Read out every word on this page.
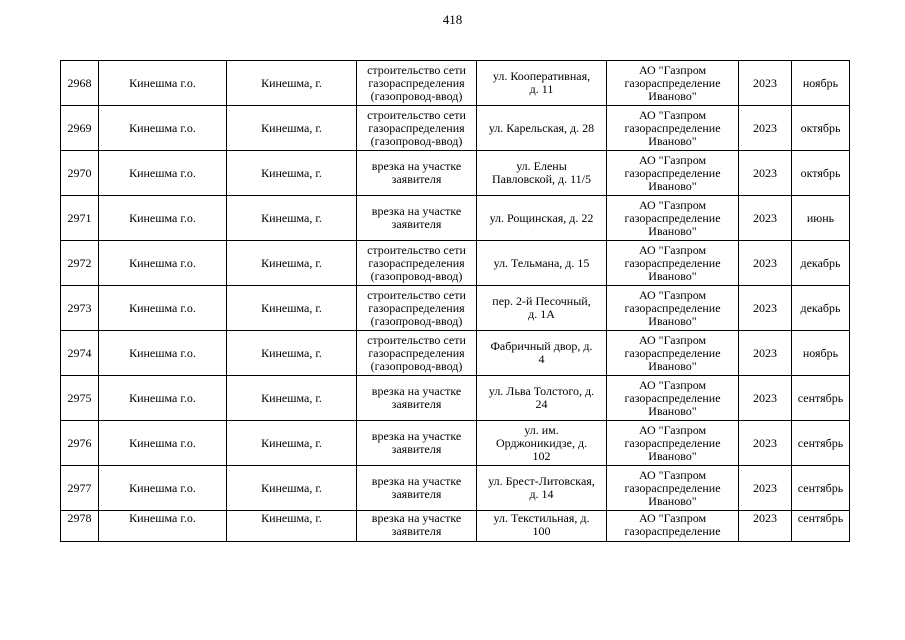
418
2968	Кинешма г.о.	Кинешма, г.	строительство сети
газораспределения
(газопровод-ввод)	ул. Кооперативная,
д. 11	АО "Газпром
газораспределение
Иваново"	2023	ноябрь
2969	Кинешма г.о.	Кинешма, г.	строительство сети
газораспределения
(газопровод-ввод)	ул. Карельская, д. 28	АО "Газпром
газораспределение
Иваново"	2023	октябрь
2970	Кинешма г.о.	Кинешма, г.	врезка на участке
заявителя	ул. Елены
Павловской, д. 11/5	АО "Газпром
газораспределение
Иваново"	2023	октябрь
2971	Кинешма г.о.	Кинешма, г.	врезка на участке
заявителя	ул. Рощинская, д. 22	АО "Газпром
газораспределение
Иваново"	2023	июнь
2972	Кинешма г.о.	Кинешма, г.	строительство сети
газораспределения
(газопровод-ввод)	ул. Тельмана, д. 15	АО "Газпром
газораспределение
Иваново"	2023	декабрь
2973	Кинешма г.о.	Кинешма, г.	строительство сети
газораспределения
(газопровод-ввод)	пер. 2-й Песочный,
д. 1А	АО "Газпром
газораспределение
Иваново"	2023	декабрь
2974	Кинешма г.о.	Кинешма, г.	строительство сети
газораспределения
(газопровод-ввод)	Фабричный двор, д.
4	АО "Газпром
газораспределение
Иваново"	2023	ноябрь
2975	Кинешма г.о.	Кинешма, г.	врезка на участке
заявителя	ул. Льва Толстого, д.
24	АО "Газпром
газораспределение
Иваново"	2023	сентябрь
2976	Кинешма г.о.	Кинешма, г.	врезка на участке
заявителя	ул. им.
Орджоникидзе, д.
102	АО "Газпром
газораспределение
Иваново"	2023	сентябрь
2977	Кинешма г.о.	Кинешма, г.	врезка на участке
заявителя	ул. Брест-Литовская,
д. 14	АО "Газпром
газораспределение
Иваново"	2023	сентябрь
2978	Кинешма г.о.	Кинешма, г.	врезка на участке
заявителя	ул. Текстильная, д.
100	АО "Газпром
газораспределение	2023	сентябрь
